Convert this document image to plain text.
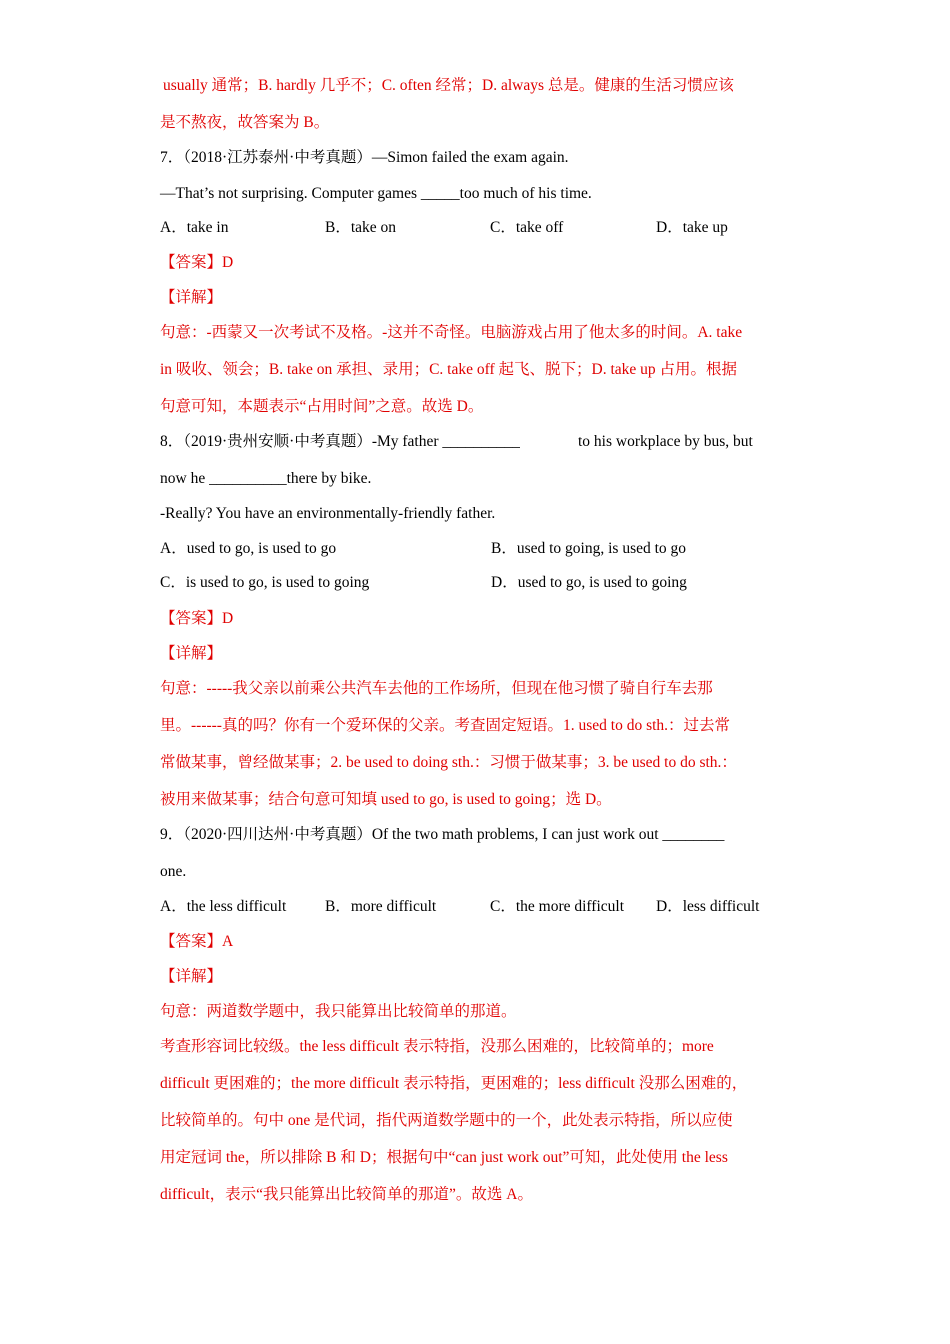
usually 通常；B. hardly 几乎不；C. often 经常；D. always 总是。健康的生活习惯应该
是不熬夜，故答案为 B。
7．（2018·江苏泰州·中考真题）—Simon failed the exam again.
—That’s not surprising. Computer games _____too much of his time.
A．take in	B．take on	C．take off	D．take up
【答案】D
【详解】
句意：-西蒙又一次考试不及格。-这并不奇怪。电脑游戏占用了他太多的时间。A. take
in 吸收、领会；B. take on 承担、录用；C. take off 起飞、脱下；D. take up 占用。根据
句意可知，本题表示“占用时间”之意。故选 D。
8．（2019·贵州安顺·中考真题）-My father __________	to his workplace by bus, but
now he __________there by bike.
-Really? You have an environmentally-friendly father.
A．used to go, is used to go	B．used to going, is used to go
C．is used to go, is used to going	D．used to go, is used to going
【答案】D
【详解】
句意：-----我父亲以前乘公共汽车去他的工作场所，但现在他习惯了骑自行车去那
里。------真的吗？你有一个爱环保的父亲。考查固定短语。1. used to do sth.：过去常
常做某事，曾经做某事；2. be used to doing sth.：习惯于做某事；3. be used to do sth.：
被用来做某事；结合句意可知填 used to go, is used to going；选 D。
9．（2020·四川达州·中考真题）Of the two math problems, I can just work out ________
one.
A．the less difficult B．more difficult	C．the more difficult D．less difficult
【答案】A
【详解】
句意：两道数学题中，我只能算出比较简单的那道。
考查形容词比较级。the less difficult 表示特指，没那么困难的，比较简单的；more
difficult 更困难的；the more difficult 表示特指，更困难的；less difficult 没那么困难的，
比较简单的。句中 one 是代词，指代两道数学题中的一个，此处表示特指，所以应使
用定冠词 the，所以排除 B 和 D；根据句中“can just work out”可知，此处使用 the less
difficult，表示“我只能算出比较简单的那道”。故选 A。
